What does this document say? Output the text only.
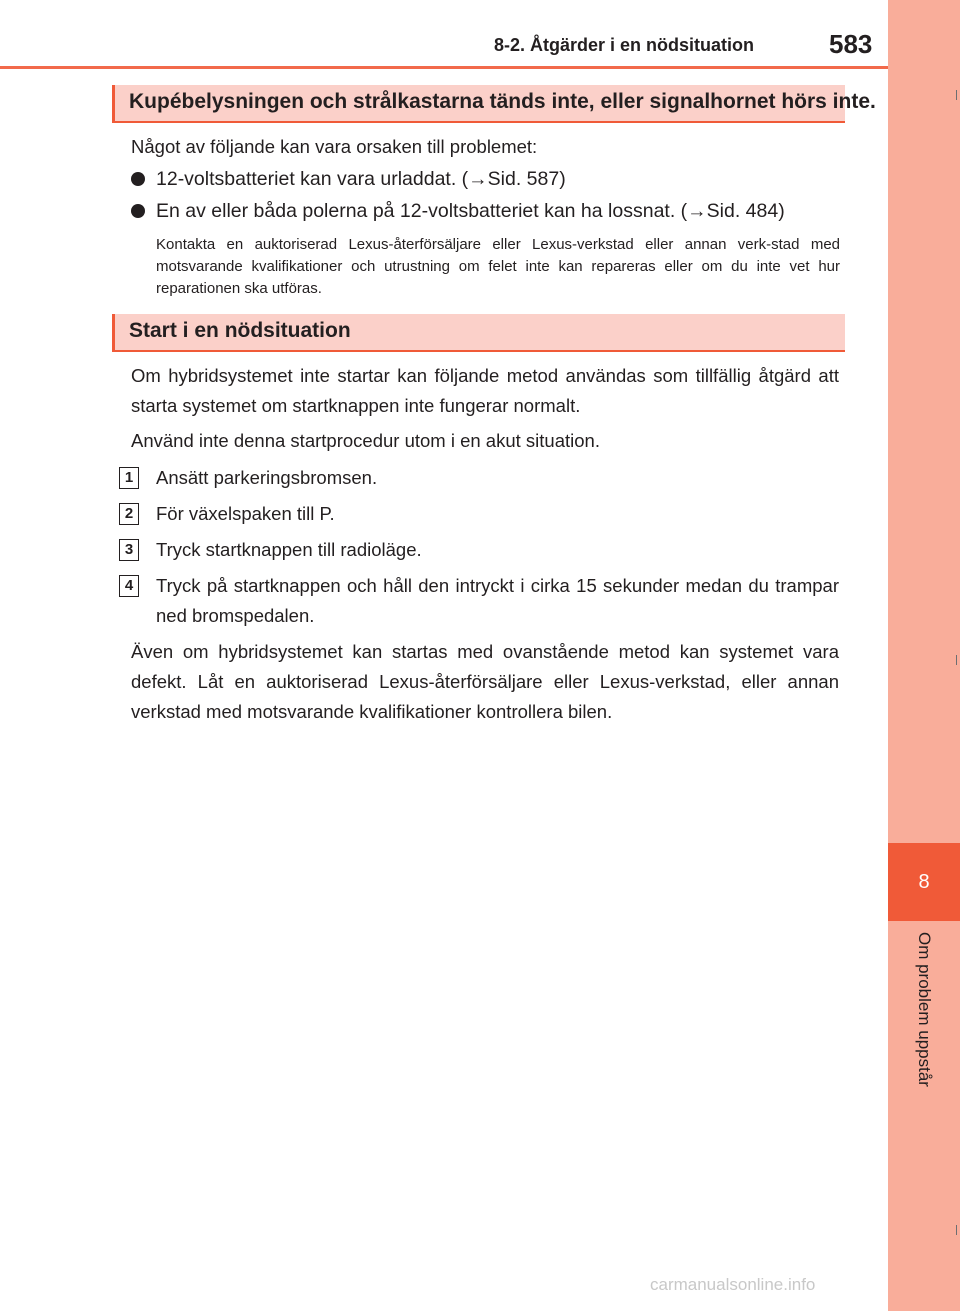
8-2. Åtgärder i en nödsituation	583
8
Om problem uppstår
Kupébelysningen och strålkastarna tänds inte, eller signalhornet hörs inte.
Något av följande kan vara orsaken till problemet:
12-voltsbatteriet kan vara urladdat. (→Sid. 587)
En av eller båda polerna på 12-voltsbatteriet kan ha lossnat. (→Sid. 484)
Kontakta en auktoriserad Lexus-återförsäljare eller Lexus-verkstad eller annan verk-stad med motsvarande kvalifikationer och utrustning om felet inte kan repareras eller om du inte vet hur reparationen ska utföras.
Start i en nödsituation
Om hybridsystemet inte startar kan följande metod användas som tillfällig åtgärd att starta systemet om startknappen inte fungerar normalt.
Använd inte denna startprocedur utom i en akut situation.
1	Ansätt parkeringsbromsen.
2	För växelspaken till P.
3	Tryck startknappen till radioläge.
4	Tryck på startknappen och håll den intryckt i cirka 15 sekunder medan du trampar ned bromspedalen.
Även om hybridsystemet kan startas med ovanstående metod kan systemet vara defekt. Låt en auktoriserad Lexus-återförsäljare eller Lexus-verkstad, eller annan verkstad med motsvarande kvalifikationer kontrollera bilen.
carmanualsonline.info
